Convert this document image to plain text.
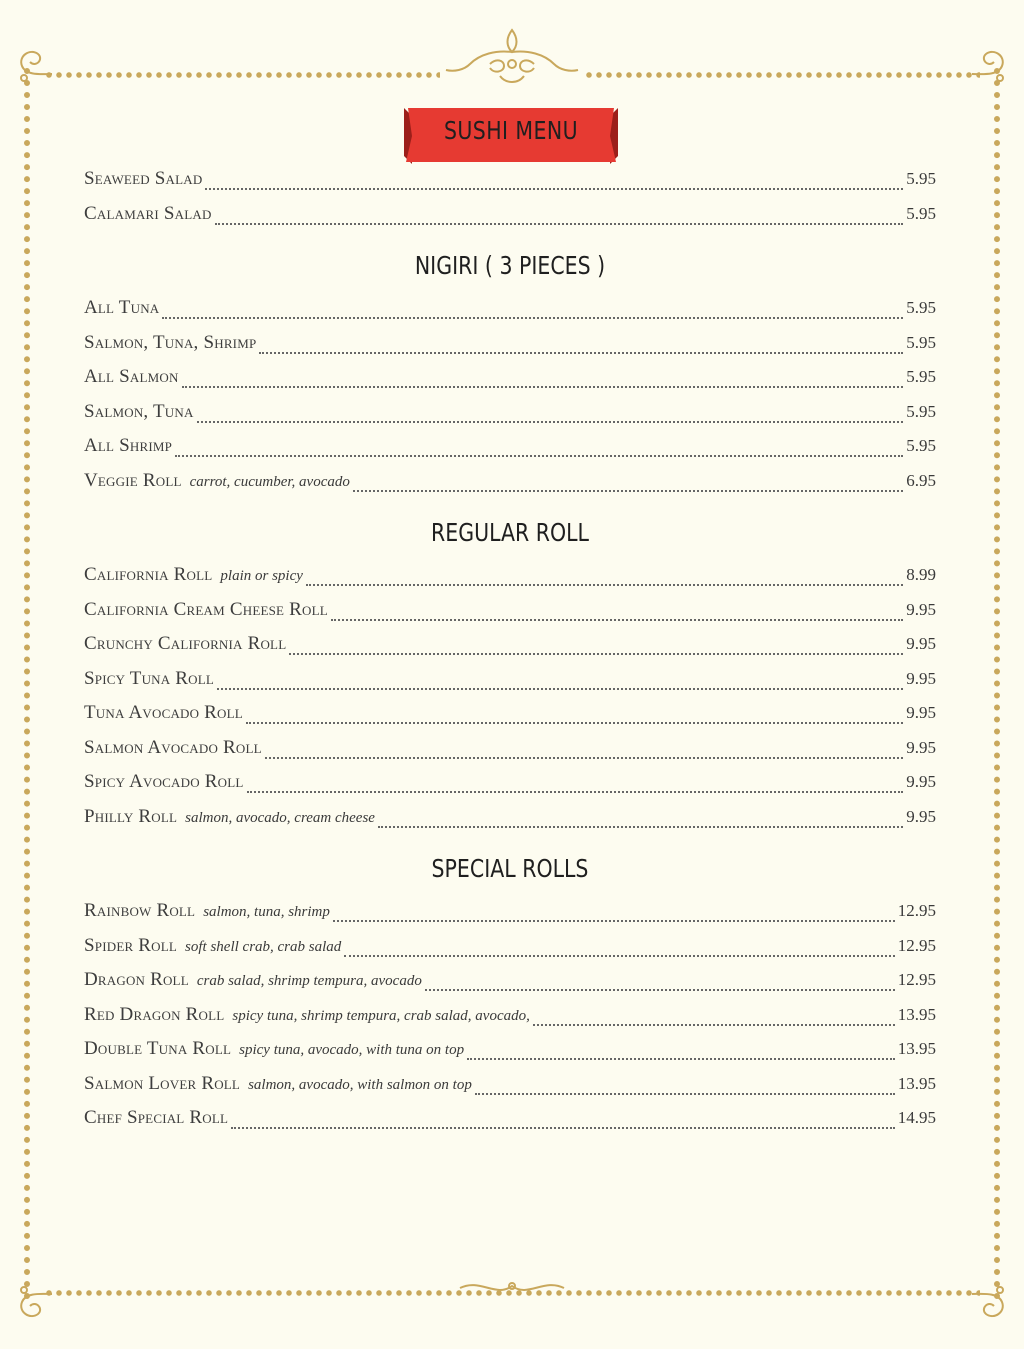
SUSHI MENU
Seaweed Salad	5.95
Calamari Salad	5.95
NIGIRI ( 3 PIECES )
All Tuna	5.95
Salmon, Tuna, Shrimp	5.95
All Salmon	5.95
Salmon, Tuna	5.95
All Shrimp	5.95
Veggie Roll carrot, cucumber, avocado	6.95
REGULAR ROLL
California Roll plain or spicy	8.99
California Cream Cheese Roll	9.95
Crunchy California Roll	9.95
Spicy Tuna Roll	9.95
Tuna Avocado Roll	9.95
Salmon Avocado Roll	9.95
Spicy Avocado Roll	9.95
Philly Roll salmon, avocado, cream cheese	9.95
SPECIAL ROLLS
Rainbow Roll salmon, tuna, shrimp	12.95
Spider Roll soft shell crab, crab salad	12.95
Dragon Roll crab salad, shrimp tempura, avocado	12.95
Red Dragon Roll spicy tuna, shrimp tempura, crab salad, avocado,	13.95
Double Tuna Roll spicy tuna, avocado, with tuna on top	13.95
Salmon Lover Roll salmon, avocado, with salmon on top	13.95
Chef Special Roll	14.95
